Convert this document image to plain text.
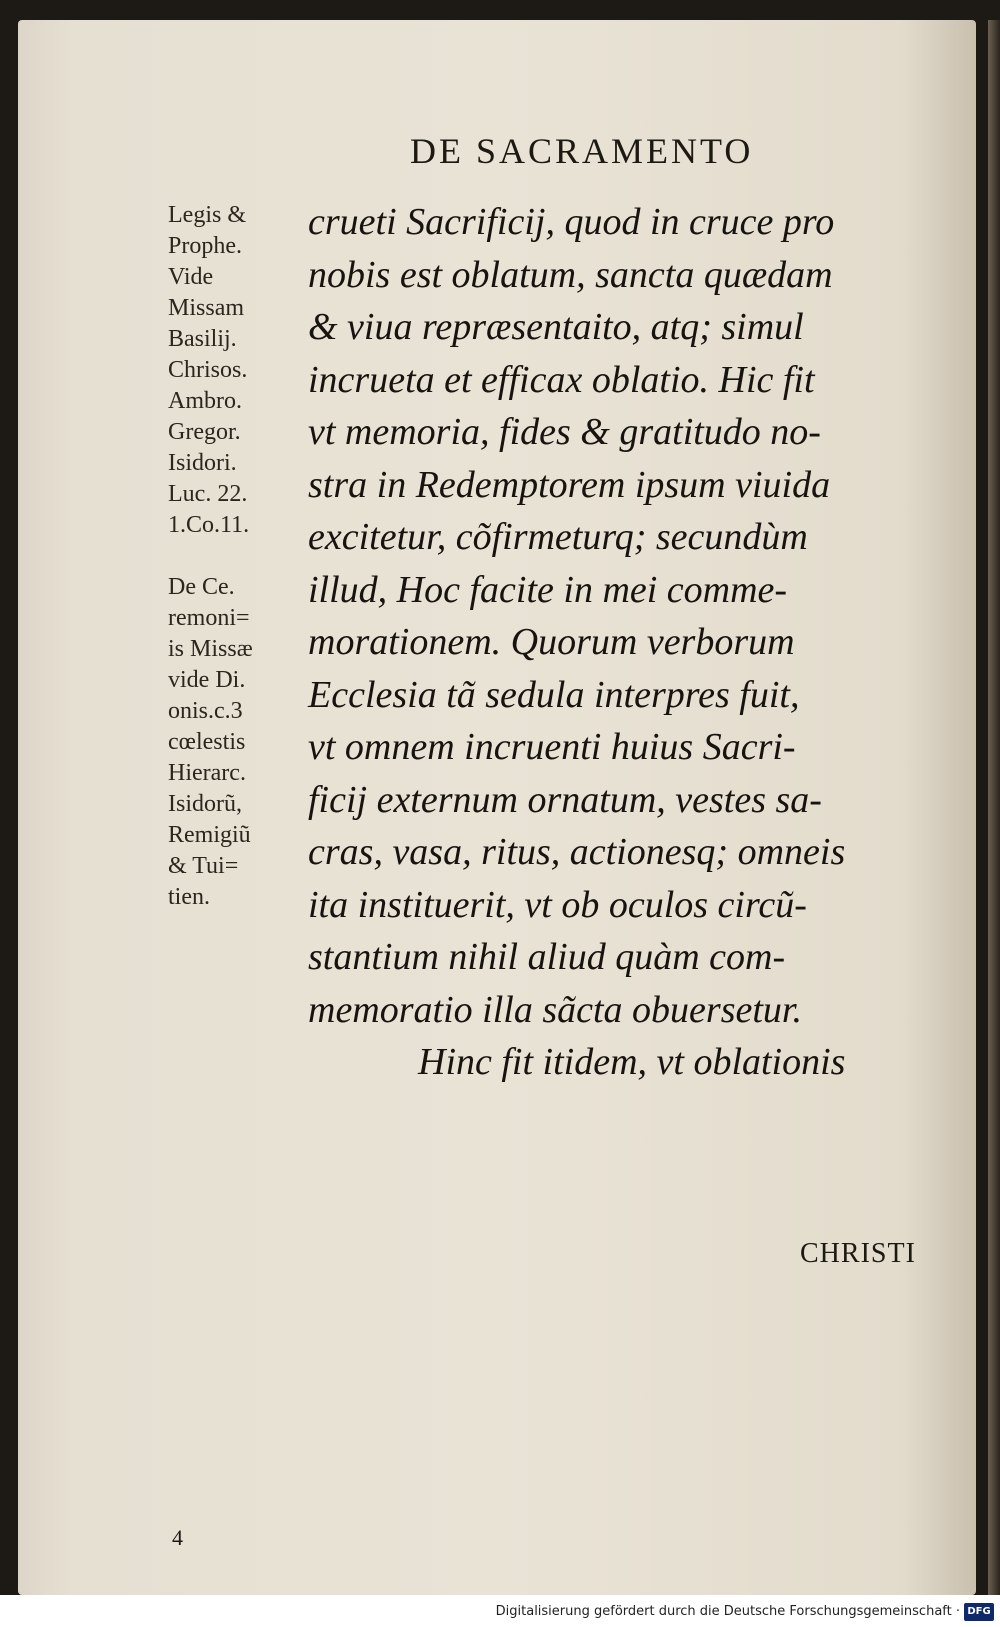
DE SACRAMENTO
Legis &
Prophe.
Vide
Missam
Basilij.
Chrisos.
Ambro.
Gregor.
Isidori.
Luc. 22.
1.Co.11.

De Ce.
remoni=
is Missæ
vide Di.
onis.c.3
cœlestis
Hierarc.
Isidorũ,
Remigiũ
& Tui=
tien.
crueti Sacrificij, quod in cruce pro
nobis est oblatum, sancta quædam
& viua repræsentaito, atq; simul
incrueta et efficax oblatio. Hic fit
vt memoria, fides & gratitudo no-
stra in Redemptorem ipsum viuida
excitetur, cõfirmeturq; secundùm
illud, Hoc facite in mei comme-
morationem. Quorum verborum
Ecclesia tã sedula interpres fuit,
vt omnem incruenti huius Sacri-
ficij externum ornatum, vestes sa-
cras, vasa, ritus, actionesq; omneis
ita instituerit, vt ob oculos circũ-
stantium nihil aliud quàm com-
memoratio illa sãcta obuersetur.
Hinc fit itidem, vt oblationis
CHRISTI
4
Digitalisierung gefördert durch die Deutsche Forschungsgemeinschaft · DFG
